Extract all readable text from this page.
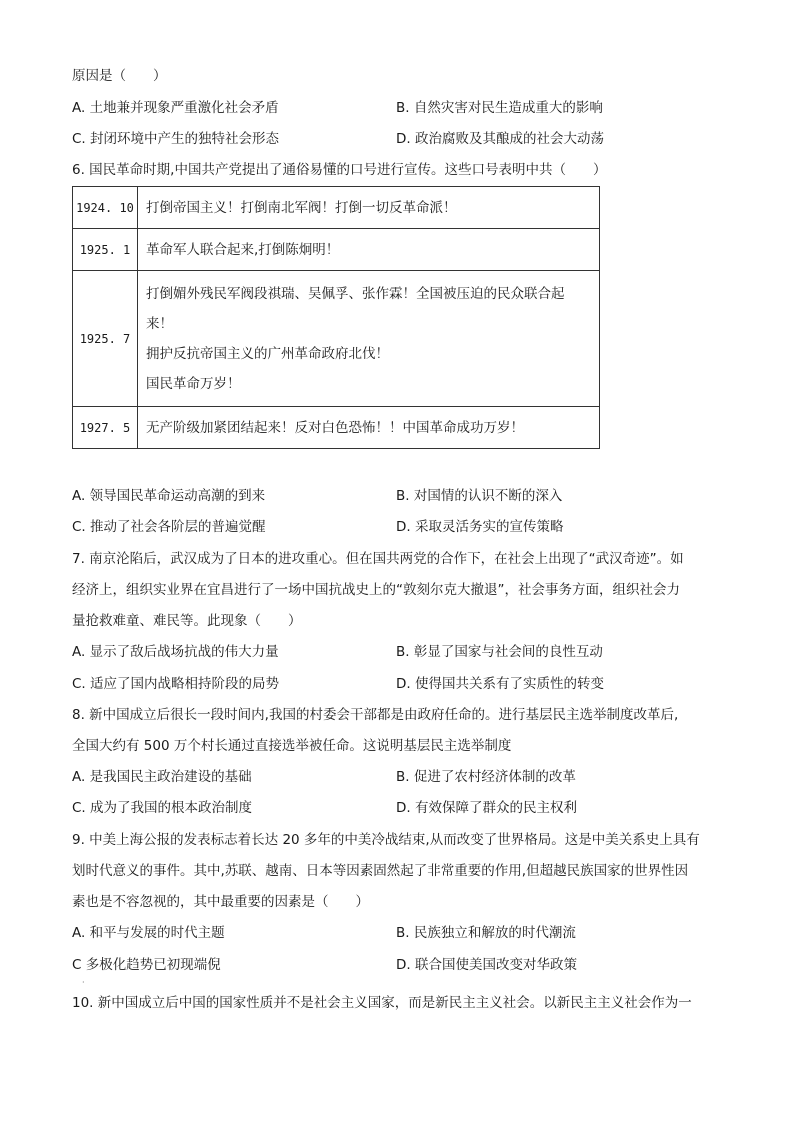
原因是（　　）
A. 土地兼并现象严重激化社会矛盾	B. 自然灾害对民生造成重大的影响
C. 封闭环境中产生的独特社会形态	D. 政治腐败及其酿成的社会大动荡
6. 国民革命时期,中国共产党提出了通俗易懂的口号进行宣传。这些口号表明中共（　　）
1924. 10	打倒帝国主义！打倒南北军阀！打倒一切反革命派！

1925. 1	革命军人联合起来,打倒陈炯明！

1925. 7	打倒媚外残民军阀段祺瑞、吴佩孚、张作霖！全国被压迫的民众联合起
来！
拥护反抗帝国主义的广州革命政府北伐！
国民革命万岁！

1927. 5	无产阶级加紧团结起来！反对白色恐怖！！中国革命成功万岁！
A. 领导国民革命运动高潮的到来	B. 对国情的认识不断的深入
C. 推动了社会各阶层的普遍觉醒	D. 采取灵活务实的宣传策略
7. 南京沦陷后，武汉成为了日本的进攻重心。但在国共两党的合作下，在社会上出现了“武汉奇迹”。如
经济上，组织实业界在宜昌进行了一场中国抗战史上的“敦刻尔克大撤退”，社会事务方面，组织社会力
量抢救难童、难民等。此现象（　　）
A. 显示了敌后战场抗战的伟大力量	B. 彰显了国家与社会间的良性互动
C. 适应了国内战略相持阶段的局势	D. 使得国共关系有了实质性的转变
8. 新中国成立后很长一段时间内,我国的村委会干部都是由政府任命的。进行基层民主选举制度改革后,
全国大约有 500 万个村长通过直接选举被任命。这说明基层民主选举制度
A. 是我国民主政治建设的基础	B. 促进了农村经济体制的改革
C. 成为了我国的根本政治制度	D. 有效保障了群众的民主权利
9. 中美上海公报的发表标志着长达 20 多年的中美冷战结束,从而改变了世界格局。这是中美关系史上具有
划时代意义的事件。其中,苏联、越南、日本等因素固然起了非常重要的作用,但超越民族国家的世界性因
素也是不容忽视的，其中最重要的因素是（　　）
A. 和平与发展的时代主题	B. 民族独立和解放的时代潮流
C 多极化趋势已初现端倪	D. 联合国使美国改变对华政策
·
10. 新中国成立后中国的国家性质并不是社会主义国家，而是新民主主义社会。以新民主主义社会作为一
